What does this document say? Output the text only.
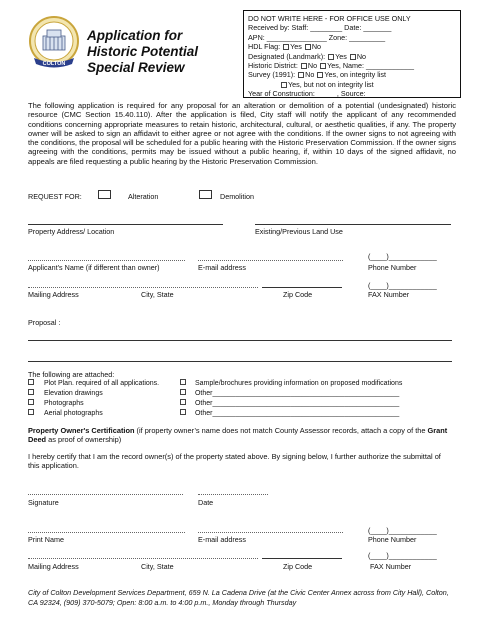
COLTON
Application for
Historic Potential
Special Review
DO NOT WRITE HERE - FOR OFFICE USE ONLY
Received by: Staff: ________ Date: _______
APN: _______________ Zone: _________
HDL Flag: Yes No
Designated (Landmark): Yes No
Historic District: No Yes, Name: ____________
Survey (1991): No Yes, on integrity list
Yes, but not on integrity list
Year of Construction: _____, Source: _____________
The following application is required for any proposal for an alteration or demolition of a potential (undesignated) historic resource (CMC Section 15.40.110). After the application is filed, City staff will notify the applicant of any recommended conditions concerning appropriate measures to retain historic, architectural, cultural, or aesthetic qualities, if any. The property owner will be asked to sign an affidavit to either agree or not agree with the conditions. If the owner signs to not agreeing with the conditions, the proposal will be scheduled for a public hearing with the Historic Preservation Commission. If the owner signs agreeing with the conditions, permits may be issued without a public hearing, if, within 10 days of the signed affidavit, no appeals are filed requesting a public hearing by the Historic Preservation Commission.
REQUEST FOR:	Alteration	Demolition
Property Address/ Location	Existing/Previous Land Use
(____)____________
Applicant’s Name (if different than owner)	E-mail address	Phone Number
(____)____________
Mailing Address	City, State	Zip Code	FAX Number
Proposal :
The following are attached:
Plot Plan. required of all applications.
Elevation drawings
Photographs
Aerial photographs
Sample/brochures providing information on proposed modifications
Other________________________________________________
Other________________________________________________
Other________________________________________________
Property Owner's Certification (if property owner’s name does not match County Assessor records, attach a copy of the Grant Deed as proof of ownership)
I hereby certify that I am the record owner(s) of the property stated above. By signing below, I further authorize the submittal of this application.
Signature	Date
(____)____________
Print Name	E-mail address	Phone Number
(____)____________
Mailing Address	City, State	Zip Code	FAX Number
City of Colton Development Services Department, 659 N. La Cadena Drive (at the Civic Center Annex across from City Hall), Colton, CA 92324, (909) 370-5079; Open: 8:00 a.m. to 4:00 p.m., Monday through Thursday
